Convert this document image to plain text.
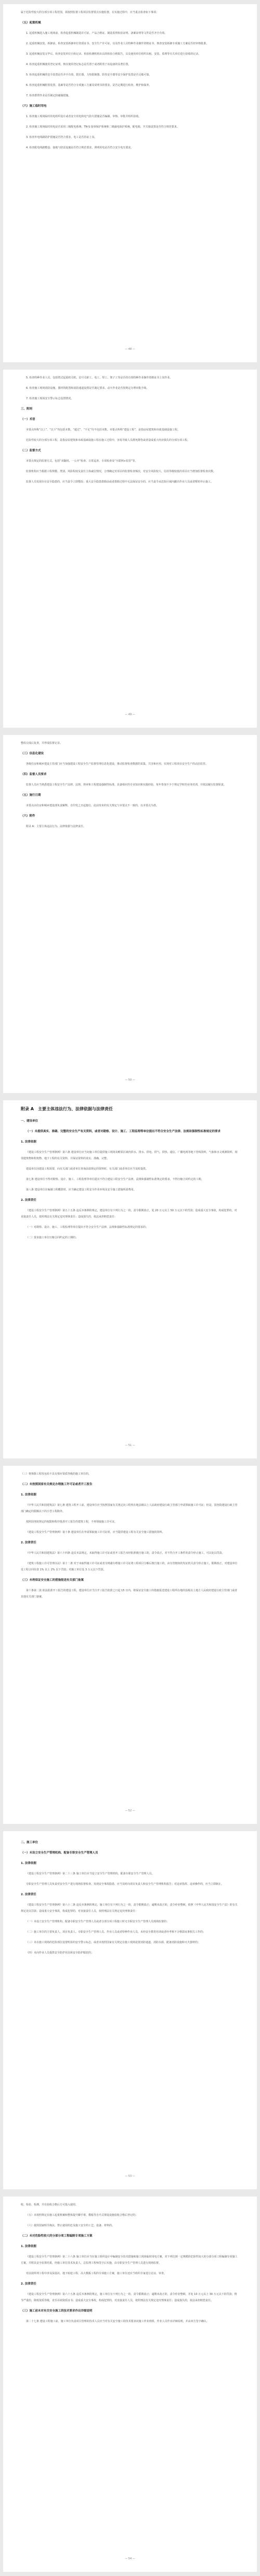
属于危险性较大的分部分项工程范围，须按照监督工程项目监督要点实施监督，在实施过程中，应当重点检查如下事项：

（五）起重机械

1. 起重机械进入施工现场前，检查起重机械制造许可证、产品合格证、制造监督检验证明、备案证明等文件是否齐全有效。

2. 起重机械安装、拆卸前，检查安装拆卸单位资质证书、安全生产许可证，以及作业人员特种作业操作资格证书，核查安装拆卸专项施工方案是否经审核批准。

3. 起重机械安装完毕后，检查安装单位自检记录、检验检测机构出具的检验合格报告，以及使用单位组织出租、安装、监理等有关单位进行验收的记录。

4. 检查起重机械使用登记证明，核实使用登记标志是否置于或者附着于该设备的显著位置。

5. 检查起重机械的安全装置是否齐全有效，限位器、力矩限制器、防坠安全器等安全保护装置是否灵敏可靠。

6. 检查起重机械附着装置、基础等是否符合专项施工方案及说明书的要求，是否定期进行检查、维护和保养。

7. 检查群塔作业是否制定防碰撞措施。

（六）施工临时用电

1. 检查施工现场临时用电组织设计或者安全用电和电气防火措施是否编制、审核、审批并组织验收。

2. 检查施工现场临时用电是否采用三级配电系统、TN-S 接零保护系统和二级漏电保护系统，配电箱、开关箱设置是否符合规范要求。

3. 检查外电线路防护措施是否符合要求，电工是否持证上岗。

4. 检查配电线路敷设、接地与防雷设施是否符合规范要求，照明用电是否符合安全电压要求。

— 48 —

5. 检查特种作业人员，包括塔式起重机司机、信号司索工、电工、焊工、架子工等是否持有效特种作业操作资格证书上岗作业。

6. 检查施工现场消防设施、器材的配置和消防通道设置是否满足要求，动火作业是否按规定办理审批手续。

7. 检查施工现场安全警示标志设置情况。

三、附则
（一）术语

本要点所称“以上”、“以下”均包括本数，“超过”、“不足”均不包括本数。本要点所称“建设工程”，是指房屋建筑和市政基础设施工程。

危险性较大的分部分项工程，是指房屋建筑和市政基础设施工程在施工过程中，容易导致人员群死群伤或者造成重大经济损失的分部分项工程。

（二）监督方式

本要点规定的监督方式，包括“双随机、一公开”检查、日常巡查、专项检查及“互联网+监管”等。

监督机构应当根据工程规模、类别、风险程度及责任主体诚信情况，合理确定对项目的监督检查频次，对安全风险较大、信用等级较低的项目应当增加监督检查次数。

监督人员发现存在安全隐患的，应当责令立即整改；重大安全隐患排除前或者排除过程中无法保证安全的，应当责令从危险区域内撤出作业人员或者暂时停止施工。

— 49 —

整改完成后复查，并形成监督记录。

（三）信息化建设

各级住房和城乡建设主管部门应当加强建设工程安全生产监督管理信息化建设，推动监督检查数据的采集、共享和应用，实现对工程项目安全生产的动态监管。

（四）监督人员要求

监督人员应当熟悉建设工程安全生产法律、法规、规章和工程建设强制性标准，具备相应的专业知识和实践经验，每年参加不少于规定学时的业务培训，并依法履行监督职责。

（五）施行日期

本要点由住房和城乡建设部负责解释，自印发之日起施行。此前发布的有关规定与本要点不一致的，以本要点为准。

（六）附件

附录 A：主要主体违法行为、法律依据与法律责任。

— 50 —
附录 A　主要主体违法行为、法律依据与法律责任
一、建设单位
（一）未提供真实、准确、完整的安全生产有关资料，或者对勘察、设计、施工、工程监理等单位提出不符合安全生产法律、法规和强制性标准规定的要求
1. 法律依据

《建设工程安全生产管理条例》第六条 建设单位应当向施工单位提供施工现场及毗邻区域内供水、排水、供电、供气、供热、通信、广播电视等地下管线资料，气象和水文观测资料，相邻建筑物和构筑物、地下工程的有关资料，并保证资料的真实、准确、完整。

建设单位因建设工程需要，向有关部门或者单位查询前款规定的资料时，有关部门或者单位应当及时提供。

第七条 建设单位不得对勘察、设计、施工、工程监理等单位提出不符合建设工程安全生产法律、法规和强制性标准规定的要求，不得压缩合同约定的工期。

第八条 建设单位在编制工程概算时，应当确定建设工程安全作业环境及安全施工措施所需费用。

2. 法律责任

《建设工程安全生产管理条例》第五十五条 违反本条例的规定，建设单位有下列行为之一的，责令限期改正，处 20 万元以上 50 万元以下的罚款；造成重大安全事故，构成犯罪的，对直接责任人员，依照刑法有关规定追究刑事责任；造成损失的，依法承担赔偿责任：

（一）对勘察、设计、施工、工程监理等单位提出不符合安全生产法律、法规和强制性标准规定的要求的；

（二）要求施工单位压缩合同约定的工期的；

— 51 —

（三）将拆除工程发包给不具有相应资质等级的施工单位的。

（二）未按照国家有关规定办理施工许可证或者开工报告
1. 法律依据

《中华人民共和国建筑法》第七条 建筑工程开工前，建设单位应当按照国家有关规定向工程所在地县级以上人民政府建设行政主管部门申请领取施工许可证；但是，国务院建设行政主管部门确定的限额以下的小型工程除外。

按照国务院规定的权限和程序批准开工报告的建筑工程，不再领取施工许可证。

《建设工程安全生产管理条例》第十条 建设单位在申请领取施工许可证时，应当提供建设工程有关安全施工措施的资料。

2. 法律责任

《中华人民共和国建筑法》第六十四条 违反本法规定，未取得施工许可证或者开工报告未经批准擅自施工的，责令改正，对不符合开工条件的责令停止施工，可以处以罚款。

《建筑工程施工许可管理办法》第十二条 对于未取得施工许可证或者为规避办理施工许可证将工程项目分解后擅自施工的，由有管辖权的发证机关责令停止施工，限期改正，对建设单位处工程合同价款 1% 以上 2% 以下罚款；对施工单位处 3 万元以下罚款。

（三）未将保证安全施工的措施报送有关部门备案

第十条第二款 依法批准开工报告的建设工程，建设单位应当自开工报告批准之日起 15 日内，将保证安全施工的措施报送建设工程所在地的县级以上地方人民政府建设行政主管部门或者其他有关部门备案。

— 52 —
二、施工单位
（一）未设立安全生产管理机构、配备专职安全生产管理人员
1. 法律依据

《建设工程安全生产管理条例》第二十三条 施工单位应当设立安全生产管理机构，配备专职安全生产管理人员。

专职安全生产管理人员负责对安全生产进行现场监督检查。发现安全事故隐患，应当及时向项目负责人和安全生产管理机构报告；对违章指挥、违章操作的，应当立即制止。

2. 法律责任

《建设工程安全生产管理条例》第六十二条 违反本条例的规定，施工单位有下列行为之一的，责令限期改正；逾期未改正的，责令停业整顿，依照《中华人民共和国安全生产法》的有关规定处以罚款；造成重大安全事故，构成犯罪的，对直接责任人员，依照刑法有关规定追究刑事责任：

（一）未设立安全生产管理机构、配备专职安全生产管理人员或者分部分项工程施工时无专职安全生产管理人员现场监督的；

（二）施工单位的主要负责人、项目负责人、专职安全生产管理人员、作业人员或者特种作业人员，未经安全教育培训或者经考核不合格即从事相关工作的；

（三）未在施工现场的危险部位设置明显的安全警示标志，或者未按照国家有关规定在施工现场设置消防通道、消防水源、配备消防设施和灭火器材的；

（四）未向作业人员提供安全防护用具和安全防护服装的；

— 53 —

收、检验、检测，并在验收合格后方可投入使用。

（五）未按照规定在施工起重机械和整体提升脚手架、模板等自升式架设设施验收合格后登记的；

（六）使用国家明令淘汰、禁止使用的危及施工安全的工艺、设备、材料的。

（二）未对危险性较大的分部分项工程编制专项施工方案
1. 法律依据

《建设工程安全生产管理条例》第二十六条 施工单位应当在施工组织设计中编制安全技术措施和施工现场临时用电方案，对下列达到一定规模的危险性较大的分部分项工程编制专项施工方案，并附具安全验算结果，经施工单位技术负责人、总监理工程师签字后实施，由专职安全生产管理人员进行现场监督。

对前款所列工程中涉及深基坑、地下暗挖工程、高大模板工程的专项施工方案，施工单位还应当组织专家进行论证、审查。

2. 法律责任

《建设工程安全生产管理条例》第六十五条 违反本条例的规定，施工单位有下列行为之一的，责令限期改正；逾期未改正的，责令停业整顿，并处 10 万元以上 30 万元以下的罚款；情节严重的，降低资质等级，直至吊销资质证书；造成重大安全事故，构成犯罪的，对直接责任人员，依照刑法有关规定追究刑事责任；造成损失的，依法承担赔偿责任。

（三）施工前未对有关安全施工的技术要求作出详细说明

第二十七条 建设工程施工前，施工单位负责项目管理的技术人员应当对有关安全施工的技术要求向施工作业班组、作业人员作出详细说明，并由双方签字确认。

— 54 —
